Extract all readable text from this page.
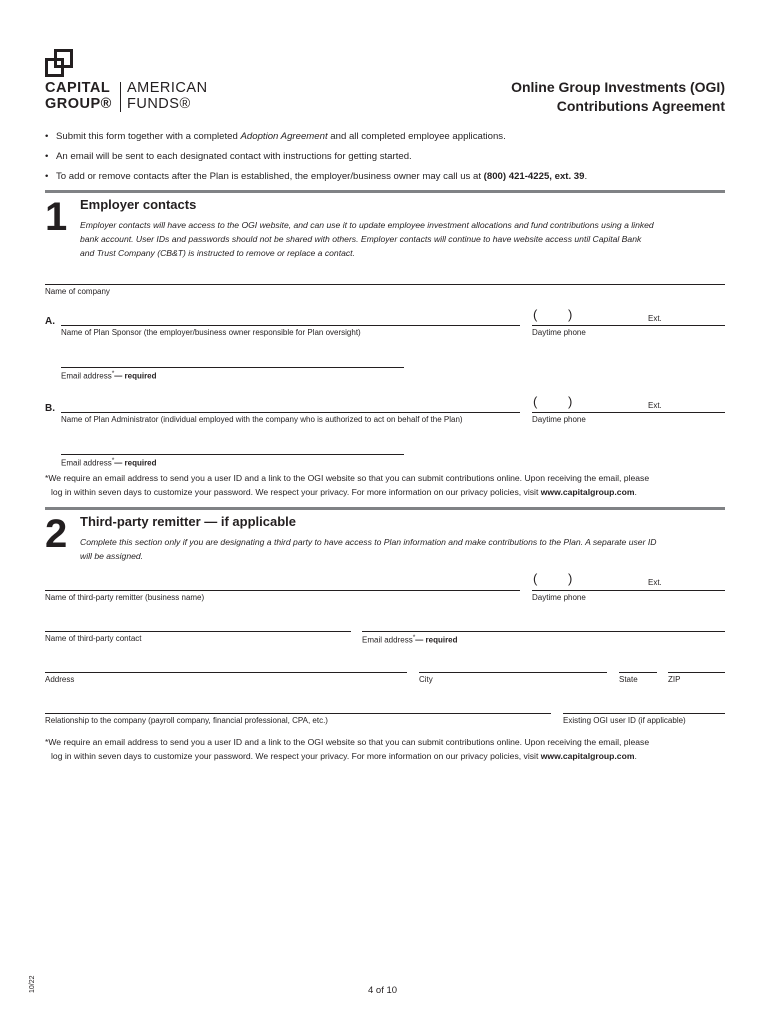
CAPITAL
GROUP®
AMERICAN
FUNDS®
Online Group Investments (OGI)
Contributions Agreement
• Submit this form together with a completed Adoption Agreement and all completed employee applications.
• An email will be sent to each designated contact with instructions for getting started.
• To add or remove contacts after the Plan is established, the employer/business owner may call us at (800) 421-4225, ext. 39.
1 Employer contacts
Employer contacts will have access to the OGI website, and can use it to update employee investment allocations and fund contributions using a linked
bank account. User IDs and passwords should not be shared with others. Employer contacts will continue to have website access until Capital Bank
and Trust Company (CB&T) is instructed to remove or replace a contact.
Name of company
A.
Name of Plan Sponsor (the employer/business owner responsible for Plan oversight)
( )	Ext.
Daytime phone
Email address*— required
B.
Name of Plan Administrator (individual employed with the company who is authorized to act on behalf of the Plan)
( )	Ext.
Daytime phone
Email address*— required
*We require an email address to send you a user ID and a link to the OGI website so that you can submit contributions online. Upon receiving the email, please
log in within seven days to customize your password. We respect your privacy. For more information on our privacy policies, visit www.capitalgroup.com.
2 Third-party remitter — if applicable
Complete this section only if you are designating a third party to have access to Plan information and make contributions to the Plan. A separate user ID
will be assigned.
Name of third-party remitter (business name)
( )	Ext.
Daytime phone
Name of third-party contact	Email address*— required
Address	City	State	ZIP
Relationship to the company (payroll company, financial professional, CPA, etc.)	Existing OGI user ID (if applicable)
*We require an email address to send you a user ID and a link to the OGI website so that you can submit contributions online. Upon receiving the email, please
log in within seven days to customize your password. We respect your privacy. For more information on our privacy policies, visit www.capitalgroup.com.
4 of 10
10/22
